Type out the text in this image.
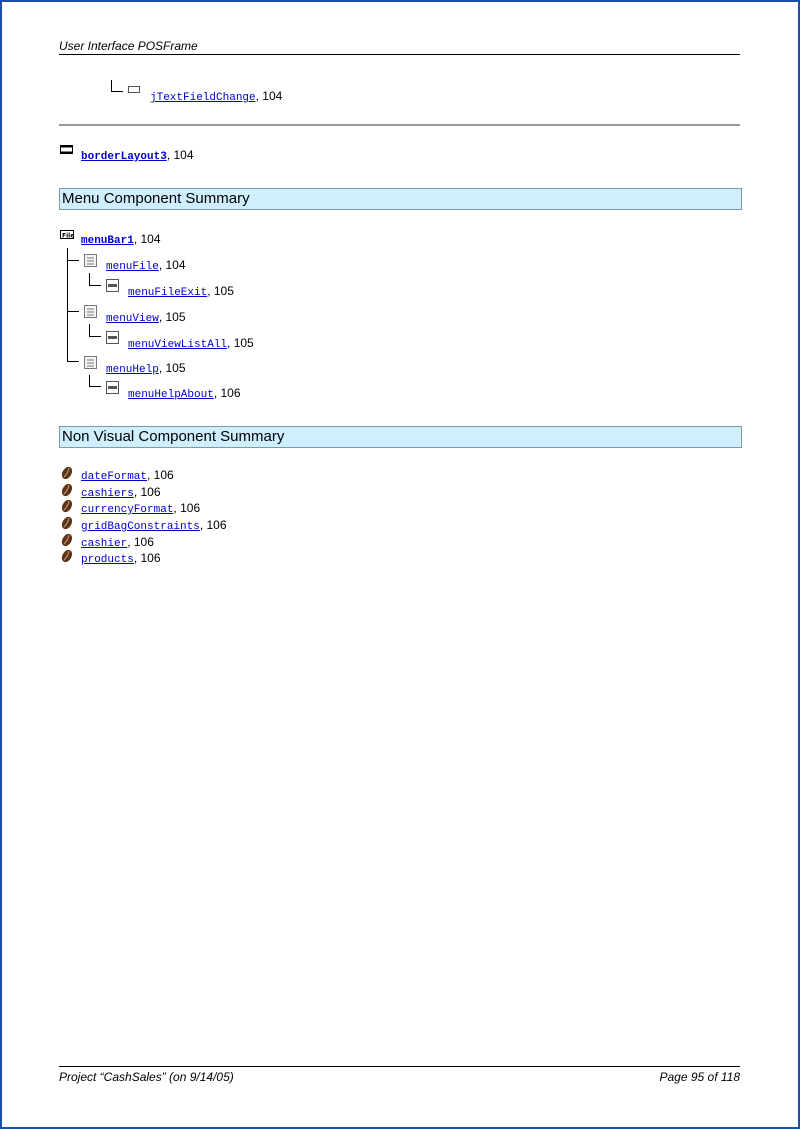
User Interface POSFrame
jTextFieldChange, 104
borderLayout3, 104
Menu Component Summary
File menuBar1, 104
menuFile, 104
menuFileExit, 105
menuView, 105
menuViewListAll, 105
menuHelp, 105
menuHelpAbout, 106
Non Visual Component Summary
dateFormat, 106
cashiers, 106
currencyFormat, 106
gridBagConstraints, 106
cashier, 106
products, 106
Project “CashSales” (on 9/14/05)	Page 95 of 118
